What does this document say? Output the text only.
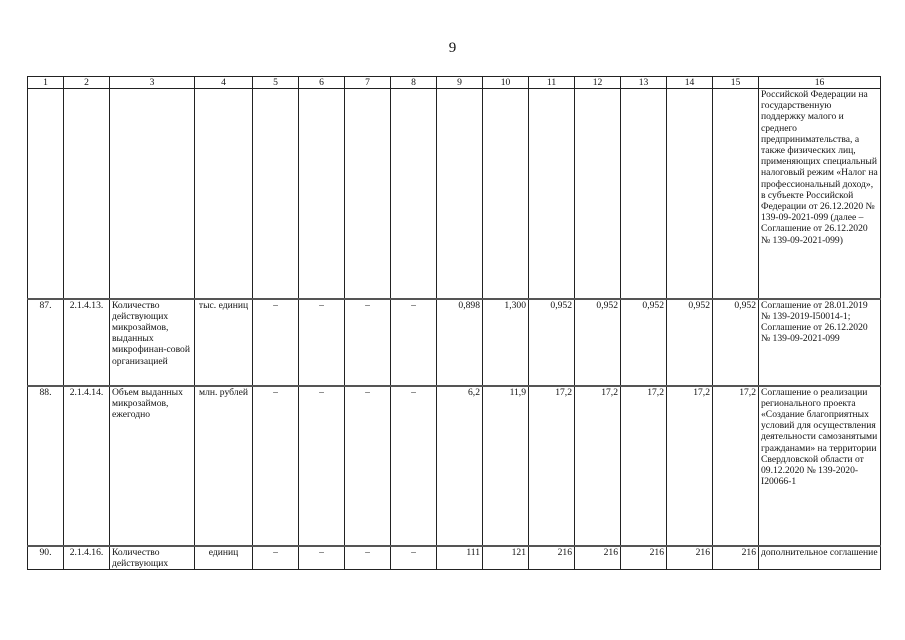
9
1	2	3	4	5	6	7	8	9	10	11	12	13	14	15	16
															Российской Федерации на государственную поддержку малого и среднего предпринимательства, а также физических лиц, применяющих специальный налоговый режим «Налог на профессиональный доход», в субъекте Российской Федерации от 26.12.2020 № 139-09-2021-099 (далее – Соглашение от 26.12.2020 № 139-09-2021-099)
87.	2.1.4.13.	Количество действующих микрозаймов, выданных микрофинан-совой организацией	тыс. единиц	–	–	–	–	0,898	1,300	0,952	0,952	0,952	0,952	0,952	Соглашение от 28.01.2019 № 139-2019-I50014-1; Соглашение от 26.12.2020 № 139-09-2021-099
88.	2.1.4.14.	Объем выданных микрозаймов, ежегодно	млн. рублей	–	–	–	–	6,2	11,9	17,2	17,2	17,2	17,2	17,2	Соглашение о реализации регионального проекта «Создание благоприятных условий для осуществления деятельности самозанятыми гражданами» на территории Свердловской области от 09.12.2020 № 139-2020-I20066-1
90.	2.1.4.16.	Количество действующих	единиц	–	–	–	–	111	121	216	216	216	216	216	дополнительное соглашение
